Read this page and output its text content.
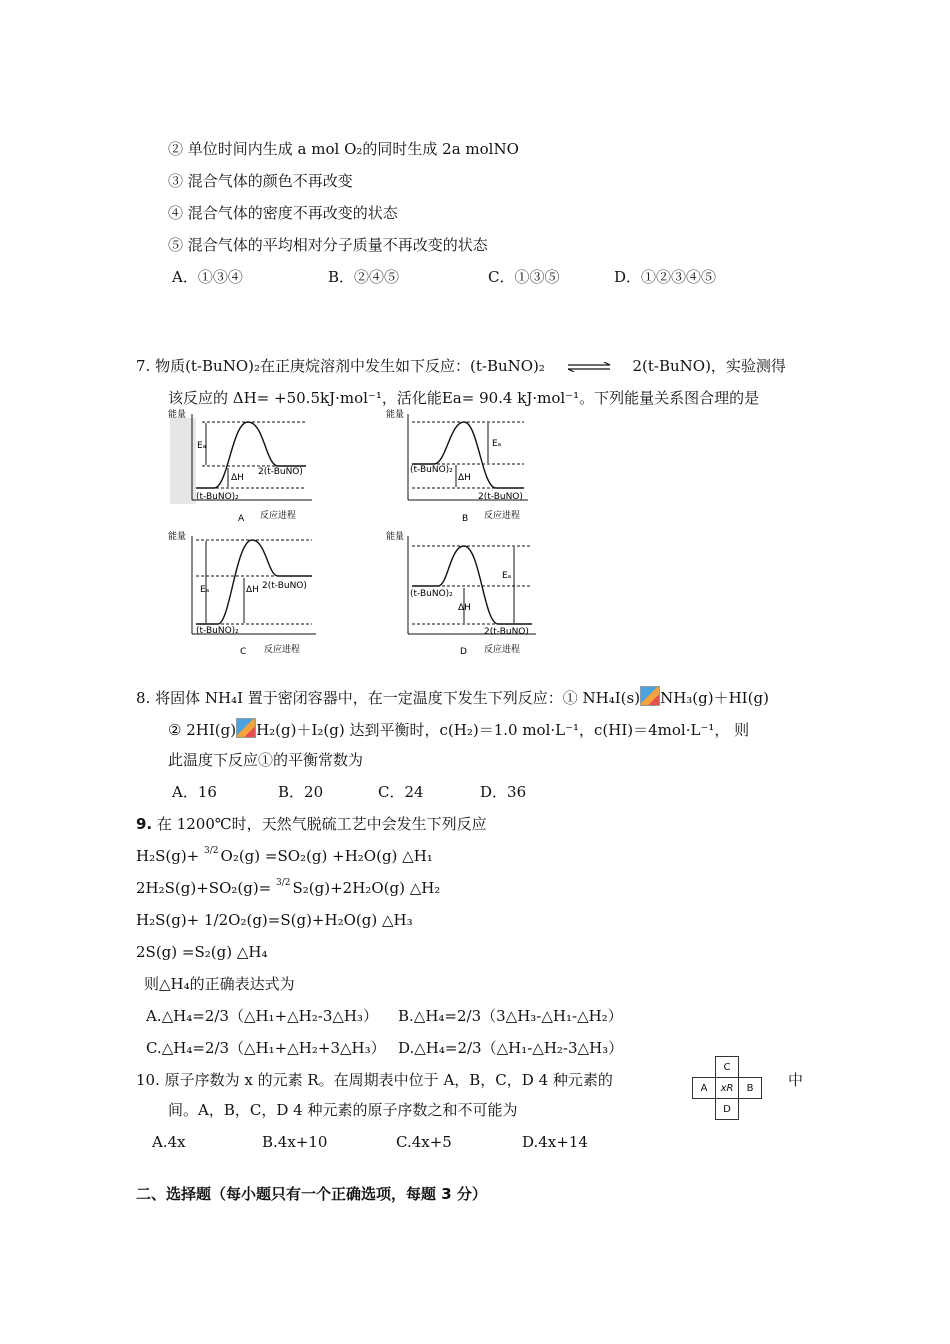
② 单位时间内生成 a mol O₂的同时生成 2a molNO
③ 混合气体的颜色不再改变
④ 混合气体的密度不再改变的状态
⑤ 混合气体的平均相对分子质量不再改变的状态
A．①③④	B．②④⑤	C．①③⑤	D．①②③④⑤
7. 物质(t-BuNO)₂在正庚烷溶剂中发生如下反应：(t-BuNO)₂ ⇌ 2(t-BuNO)，实验测得
该反应的 ΔH= +50.5kJ·mol⁻¹，活化能Ea= 90.4 kJ·mol⁻¹。下列能量关系图合理的是
能量
Eₐ
ΔH
2(t-BuNO)
(t-BuNO)₂
A 反应进程
能量
Eₐ
ΔH
(t-BuNO)₂
2(t-BuNO)
B 反应进程
能量
Eₐ	ΔH 2(t-BuNO)
(t-BuNO)₂
C 反应进程
能量
Eₐ
ΔH
(t-BuNO)₂
2(t-BuNO)
D 反应进程
8. 将固体 NH₄I 置于密闭容器中，在一定温度下发生下列反应：① NH₄I(s) NH₃(g)＋HI(g)
② 2HI(g) H₂(g)＋I₂(g) 达到平衡时，c(H₂)＝1.0 mol·L⁻¹，c(HI)＝4mol·L⁻¹， 则
此温度下反应①的平衡常数为
A．16	B．20	C．24	D．36
9. 在 1200℃时，天然气脱硫工艺中会发生下列反应
H₂S(g)+ 3/2 O₂(g) =SO₂(g) +H₂O(g) △H₁
2H₂S(g)+SO₂(g)= 3/2 S₂(g)+2H₂O(g) △H₂
H₂S(g)+ 1/2O₂(g)=S(g)+H₂O(g) △H₃
2S(g) =S₂(g) △H₄
则△H₄的正确表达式为
A.△H₄=2/3（△H₁+△H₂-3△H₃） B.△H₄=2/3（3△H₃-△H₁-△H₂）
C.△H₄=2/3（△H₁+△H₂+3△H₃） D.△H₄=2/3（△H₁-△H₂-3△H₃）
10. 原子序数为 x 的元素 R。在周期表中位于 A，B，C，D 4 种元素的	中
间。A，B，C，D 4 种元素的原子序数之和不可能为
	C	
A	xR	B
	D	
A.4x	B.4x+10	C.4x+5	D.4x+14
二、选择题（每小题只有一个正确选项，每题 3 分）
